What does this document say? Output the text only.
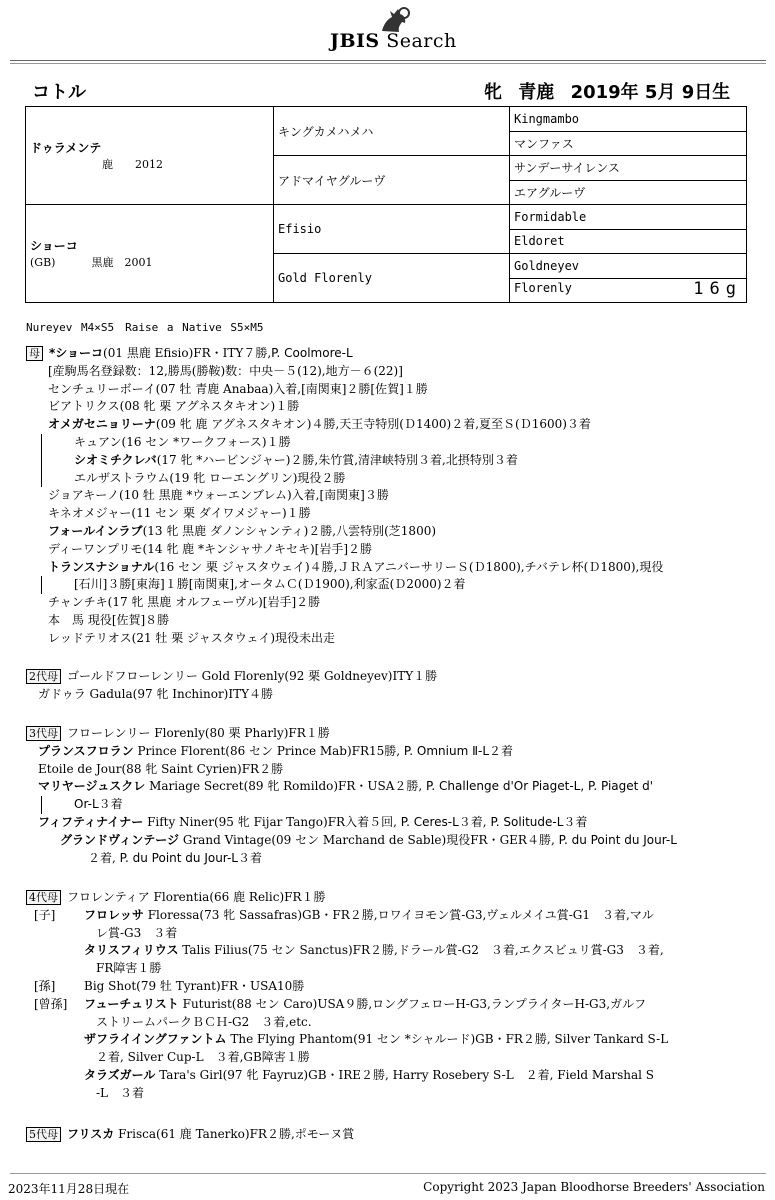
JBIS Search
コトル	牝 青鹿 2019年 5月 9日生
ドゥラメンテ
鹿　　2012	キングカメハメハ	Kingmambo
		マンファス
	アドマイヤグルーヴ	サンデーサイレンス
		エアグルーヴ

ショーコ
(GB) 黒鹿　2001	Efisio	Formidable
		Eldoret
	Gold Florenly	Goldneyev
		Florenly 16g
Nureyev M4×S5　Raise a Native S5×M5
母 *ショーコ(01 黒鹿 Efisio)FR・ITY７勝,P. Coolmore-L
[産駒馬名登録数：12,勝馬(勝鞍)数：中央－５(12),地方－６(22)]
センチュリーボーイ(07 牡 青鹿 Anabaa)入着,[南関東]２勝[佐賀]１勝
ビアトリクス(08 牝 栗 アグネスタキオン)１勝
オメガセニョリーナ(09 牝 鹿 アグネスタキオン)４勝,天王寺特別(Ｄ1400)２着,夏至Ｓ(Ｄ1600)３着
キュアン(16 セン *ワークフォース)１勝
シオミチクレバ(17 牝 *ハービンジャー)２勝,朱竹賞,清津峡特別３着,北摂特別３着
エルザストラウム(19 牝 ローエングリン)現役２勝
ジョアキーノ(10 牡 黒鹿 *ウォーエンブレム)入着,[南関東]３勝
キネオメジャー(11 セン 栗 ダイワメジャー)１勝
フォールインラブ(13 牝 黒鹿 ダノンシャンティ)２勝,八雲特別(芝1800)
ディーワンプリモ(14 牝 鹿 *キンシャサノキセキ)[岩手]２勝
トランスナショナル(16 セン 栗 ジャスタウェイ)４勝,ＪＲＡアニバーサリーＳ(Ｄ1800),チバテレ杯(Ｄ1800),現役
[石川]３勝[東海]１勝[南関東],オータムＣ(Ｄ1900),利家盃(Ｄ2000)２着
チャンチキ(17 牝 黒鹿 オルフェーヴル)[岩手]２勝
本　馬 現役[佐賀]８勝
レッドテリオス(21 牡 栗 ジャスタウェイ)現役未出走
2代母 ゴールドフローレンリー Gold Florenly(92 栗 Goldneyev)ITY１勝
ガドゥラ Gadula(97 牝 Inchinor)ITY４勝
3代母 フローレンリー Florenly(80 栗 Pharly)FR１勝
プランスフロラン Prince Florent(86 セン Prince Mab)FR15勝, P. Omnium Ⅱ-L２着
Etoile de Jour(88 牝 Saint Cyrien)FR２勝
マリヤージュスクレ Mariage Secret(89 牝 Romildo)FR・USA２勝, P. Challenge d'Or Piaget-L, P. Piaget d'
Or-L３着
フィフティナイナー Fifty Niner(95 牝 Fijar Tango)FR入着５回, P. Ceres-L３着, P. Solitude-L３着
グランドヴィンテージ Grand Vintage(09 セン Marchand de Sable)現役FR・GER４勝, P. du Point du Jour-L
２着, P. du Point du Jour-L３着
4代母 フロレンティア Florentia(66 鹿 Relic)FR１勝
[子] フロレッサ Floressa(73 牝 Sassafras)GB・FR２勝,ロワイヨモン賞-G3,ヴェルメイユ賞-G1　３着,マル
レ賞-G3　３着
タリスフィリウス Talis Filius(75 セン Sanctus)FR２勝,ドラール賞-G2　３着,エクスビュリ賞-G3　３着,
FR障害１勝
[孫] Big Shot(79 牡 Tyrant)FR・USA10勝
[曾孫] フューチュリスト Futurist(88 セン Caro)USA９勝,ロングフェローH-G3,ランプライターH-G3,ガルフ
ストリームパークＢＣＨ-G2　３着,etc.
ザフライイングファントム The Flying Phantom(91 セン *シャルード)GB・FR２勝, Silver Tankard S-L
２着, Silver Cup-L　３着,GB障害１勝
タラズガール Tara's Girl(97 牝 Fayruz)GB・IRE２勝, Harry Rosebery S-L　２着, Field Marshal S
-L　３着
5代母 フリスカ Frisca(61 鹿 Tanerko)FR２勝,ポモーヌ賞
2023年11月28日現在	Copyright 2023 Japan Bloodhorse Breeders' Association
